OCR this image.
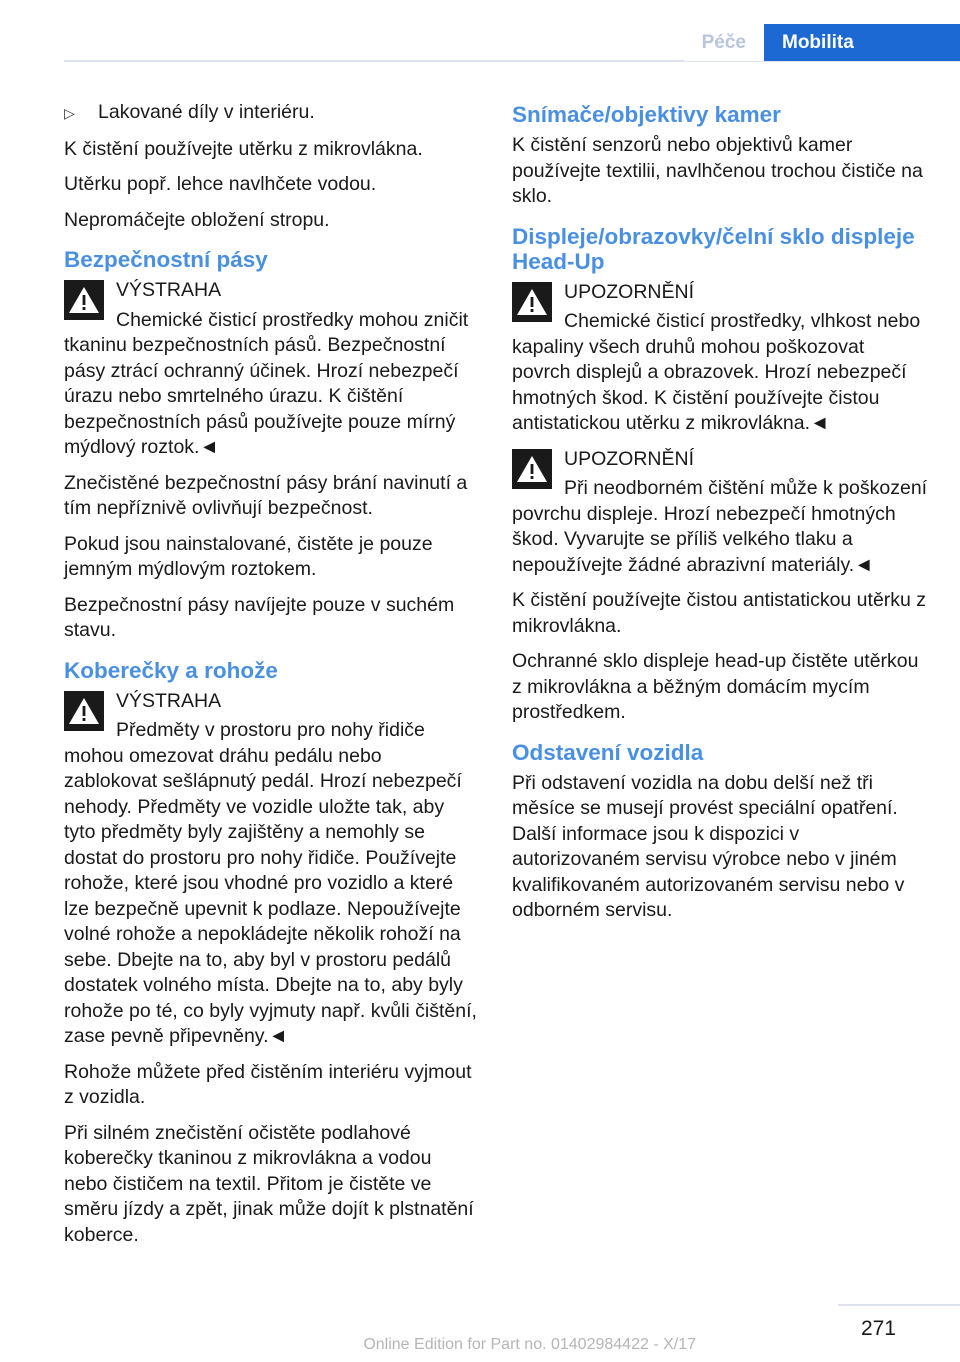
Péče	Mobilita
▷	Lakované díly v interiéru.

K čistění používejte utěrku z mikrovlákna.

Utěrku popř. lehce navlhčete vodou.

Nepromáčejte obložení stropu.

Bezpečnostní pásy

VÝSTRAHA

Chemické čisticí prostředky mohou zničit tkaninu bezpečnostních pásů. Bezpečnostní pásy ztrácí ochranný účinek. Hrozí nebezpečí úrazu nebo smrtelného úrazu. K čištění bezpečnostních pásů používejte pouze mírný mýdlový roztok.◄

Znečistěné bezpečnostní pásy brání navinutí a tím nepříznivě ovlivňují bezpečnost.

Pokud jsou nainstalované, čistěte je pouze jemným mýdlovým roztokem.

Bezpečnostní pásy navíjejte pouze v suchém stavu.

Koberečky a rohože

VÝSTRAHA

Předměty v prostoru pro nohy řidiče mohou omezovat dráhu pedálu nebo zablokovat sešlápnutý pedál. Hrozí nebezpečí nehody. Předměty ve vozidle uložte tak, aby tyto předměty byly zajištěny a nemohly se dostat do prostoru pro nohy řidiče. Používejte rohože, které jsou vhodné pro vozidlo a které lze bezpečně upevnit k podlaze. Nepoužívejte volné rohože a nepokládejte několik rohoží na sebe. Dbejte na to, aby byl v prostoru pedálů dostatek volného místa. Dbejte na to, aby byly rohože po té, co byly vyjmuty např. kvůli čištění, zase pevně připevněny.◄

Rohože můžete před čistěním interiéru vyjmout z vozidla.

Při silném znečistění očistěte podlahové koberečky tkaninou z mikrovlákna a vodou nebo čističem na textil. Přitom je čistěte ve směru jízdy a zpět, jinak může dojít k plstnatění koberce.

Snímače/objektivy kamer

K čistění senzorů nebo objektivů kamer používejte textilii, navlhčenou trochou čističe na sklo.

Displeje/obrazovky/čelní sklo displeje Head-Up

UPOZORNĚNÍ

Chemické čisticí prostředky, vlhkost nebo kapaliny všech druhů mohou poškozovat povrch displejů a obrazovek. Hrozí nebezpečí hmotných škod. K čistění používejte čistou antistatickou utěrku z mikrovlákna.◄

UPOZORNĚNÍ

Při neodborném čištění může k poškození povrchu displeje. Hrozí nebezpečí hmotných škod. Vyvarujte se příliš velkého tlaku a nepoužívejte žádné abrazivní materiály.◄

K čistění používejte čistou antistatickou utěrku z mikrovlákna.

Ochranné sklo displeje head-up čistěte utěrkou z mikrovlákna a běžným domácím mycím prostředkem.

Odstavení vozidla

Při odstavení vozidla na dobu delší než tři měsíce se musejí provést speciální opatření. Další informace jsou k dispozici v autorizovaném servisu výrobce nebo v jiném kvalifikovaném autorizovaném servisu nebo v odborném servisu.

271
Online Edition for Part no. 01402984422 - X/17
